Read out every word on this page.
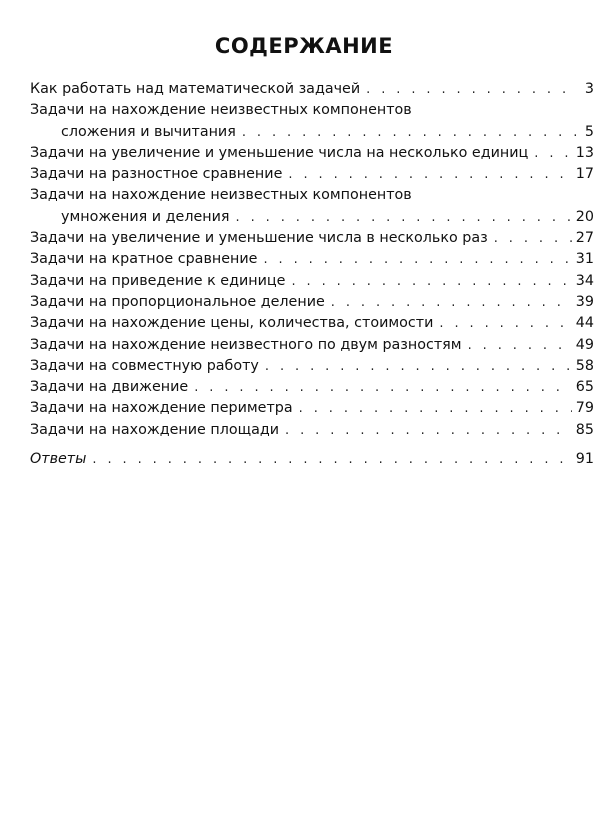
СОДЕРЖАНИЕ
Как работать над математической задачей . . .	3
Задачи на нахождение неизвестных компонентов
сложения и вычитания . . .	5
Задачи на увеличение и уменьшение числа на несколько единиц . . .	13
Задачи на разностное сравнение . . .	17
Задачи на нахождение неизвестных компонентов
умножения и деления . . .	20
Задачи на увеличение и уменьшение числа в несколько раз . . .	27
Задачи на кратное сравнение . . .	31
Задачи на приведение к единице . . .	34
Задачи на пропорциональное деление . . .	39
Задачи на нахождение цены, количества, стоимости . . .	44
Задачи на нахождение неизвестного по двум разностям . . .	49
Задачи на совместную работу . . .	58
Задачи на движение . . .	65
Задачи на нахождение периметра . . .	79
Задачи на нахождение площади . . .	85
Ответы . . .	91
